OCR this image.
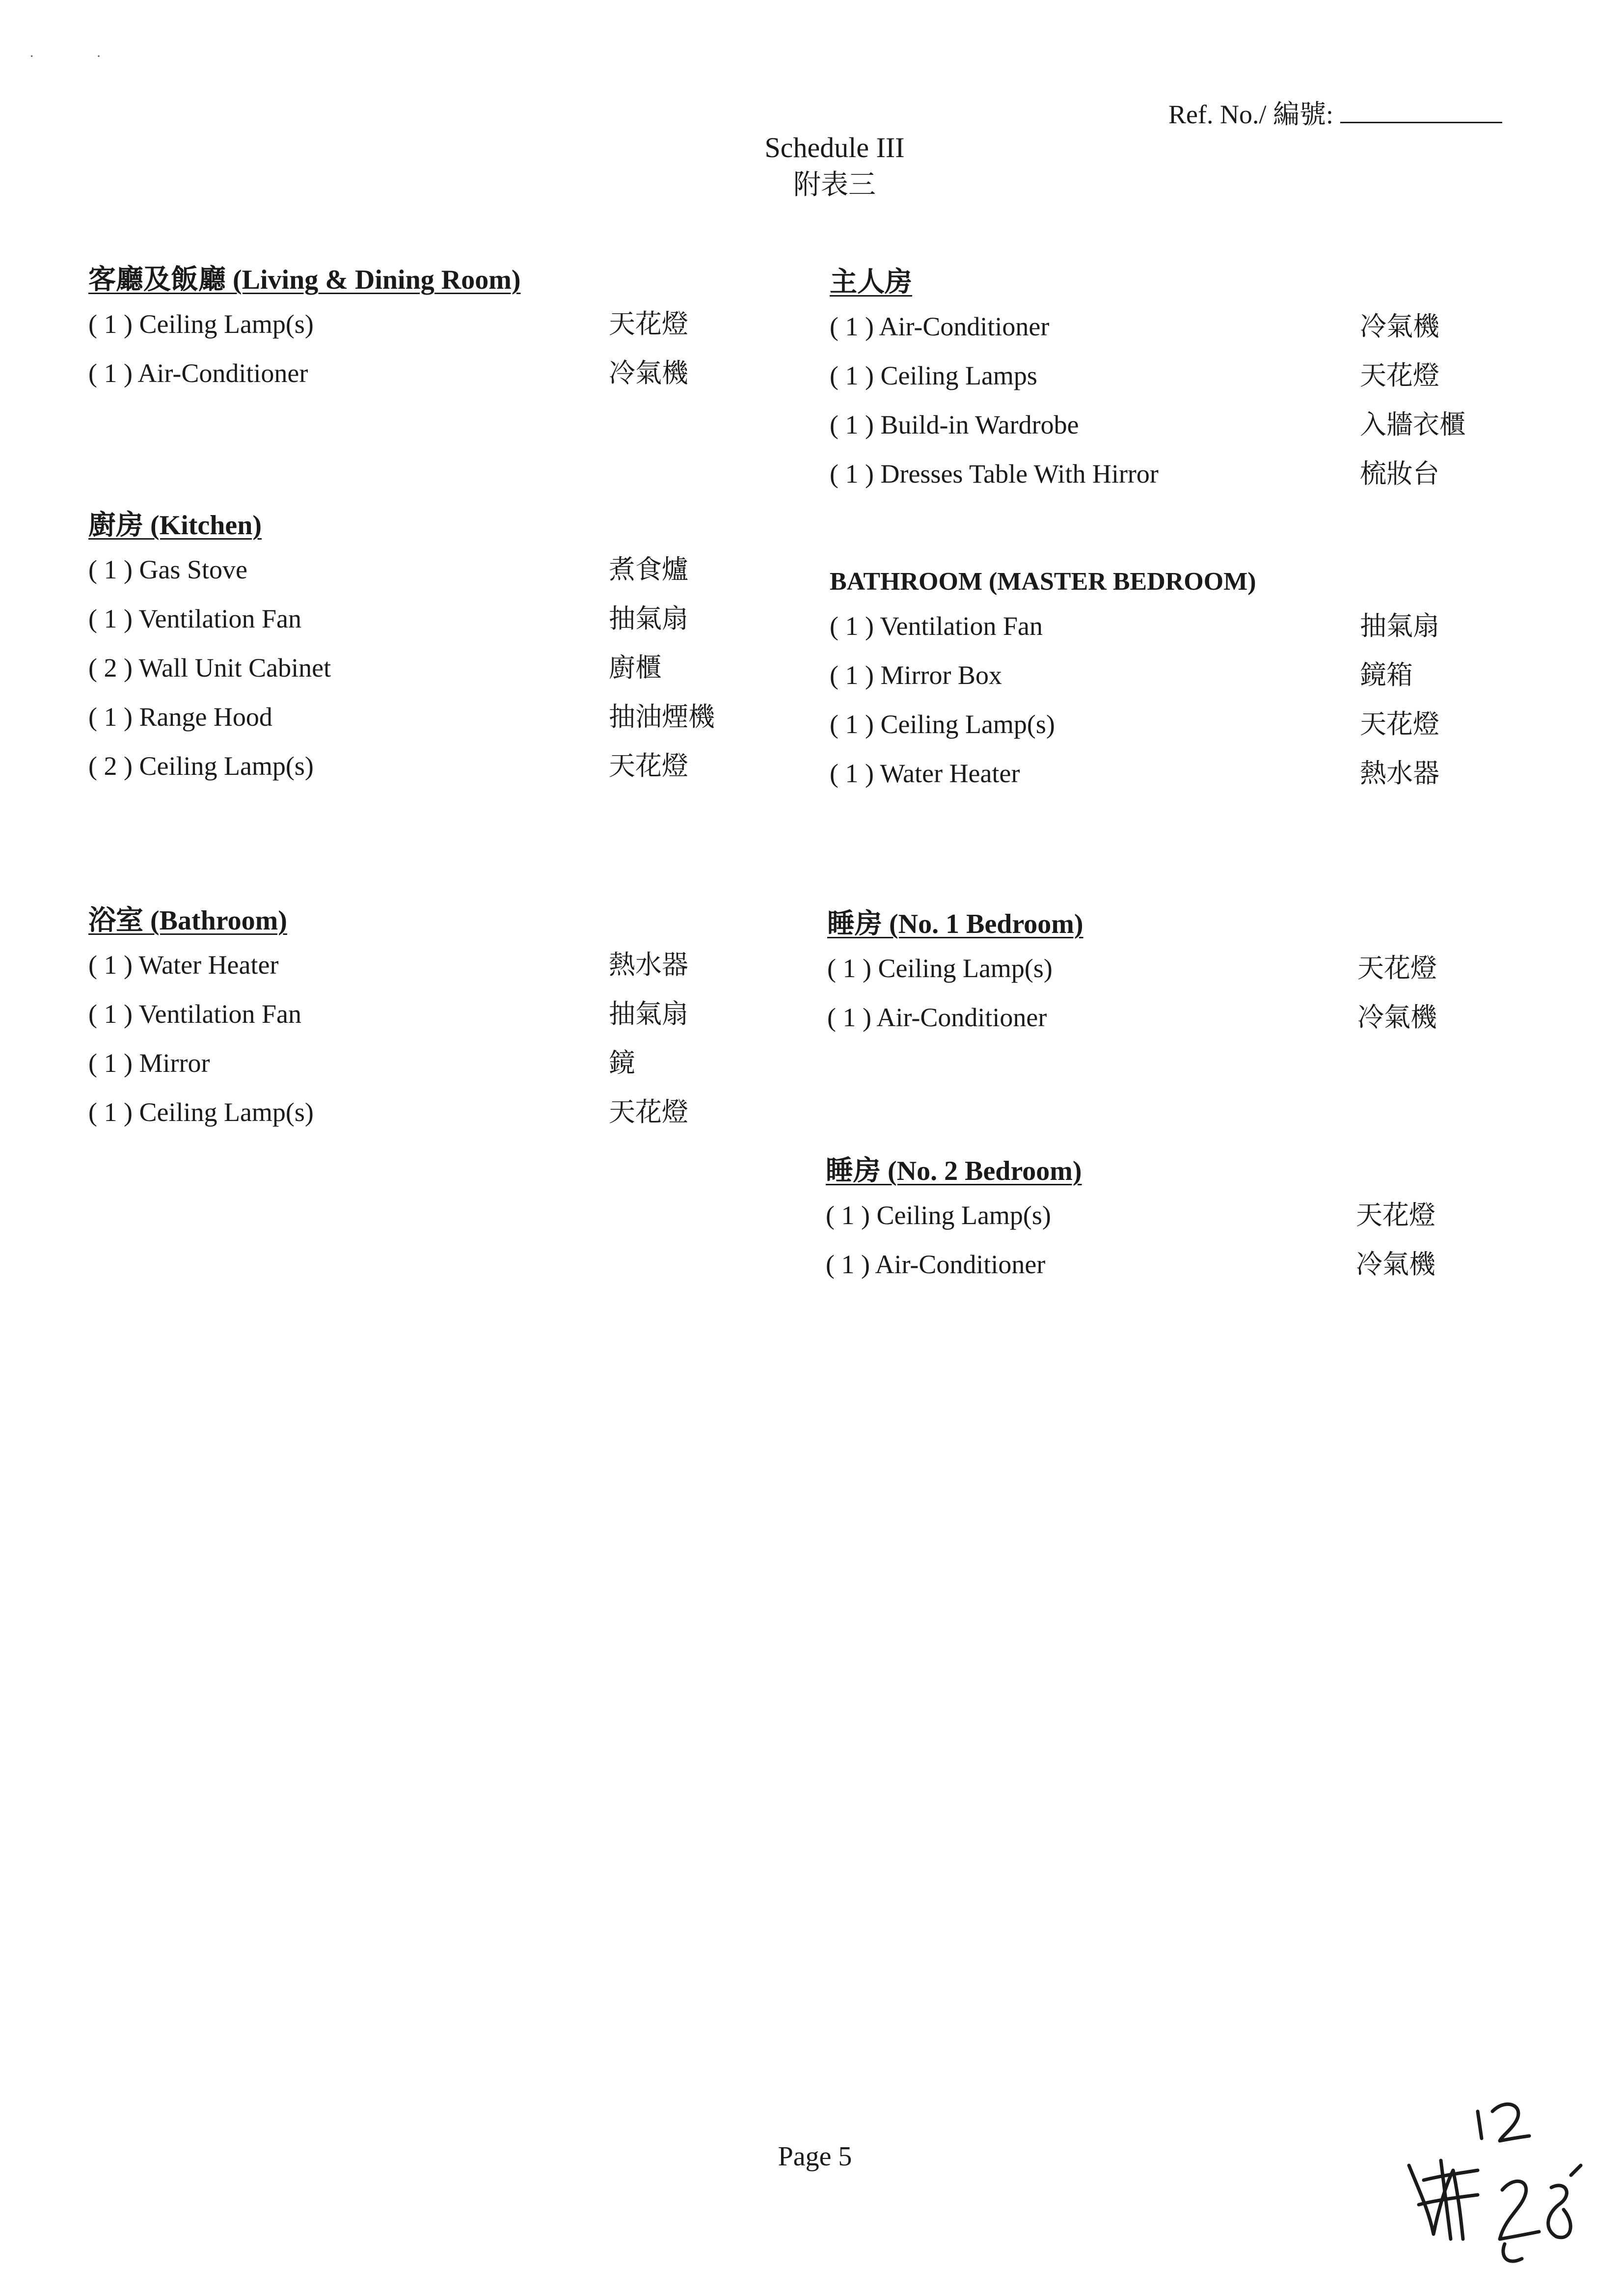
· ·
Ref. No./ 編號:
Schedule III
附表三
客廳及飯廳 (Living & Dining Room)
( 1 ) Ceiling Lamp(s)	天花燈
( 1 ) Air-Conditioner	冷氣機
廚房 (Kitchen)
( 1 ) Gas Stove	煮食爐
( 1 ) Ventilation Fan	抽氣扇
( 2 ) Wall Unit Cabinet	廚櫃
( 1 ) Range Hood	抽油煙機
( 2 ) Ceiling Lamp(s)	天花燈
浴室 (Bathroom)
( 1 ) Water Heater	熱水器
( 1 ) Ventilation Fan	抽氣扇
( 1 ) Mirror	鏡
( 1 ) Ceiling Lamp(s)	天花燈
主人房
( 1 ) Air-Conditioner	冷氣機
( 1 ) Ceiling Lamps	天花燈
( 1 ) Build-in Wardrobe	入牆衣櫃
( 1 ) Dresses Table With Hirror	梳妝台
BATHROOM (MASTER BEDROOM)
( 1 ) Ventilation Fan	抽氣扇
( 1 ) Mirror Box	鏡箱
( 1 ) Ceiling Lamp(s)	天花燈
( 1 ) Water Heater	熱水器
睡房 (No. 1 Bedroom)
( 1 ) Ceiling Lamp(s)	天花燈
( 1 ) Air-Conditioner	冷氣機
睡房 (No. 2 Bedroom)
( 1 ) Ceiling Lamp(s)	天花燈
( 1 ) Air-Conditioner	冷氣機
Page 5
